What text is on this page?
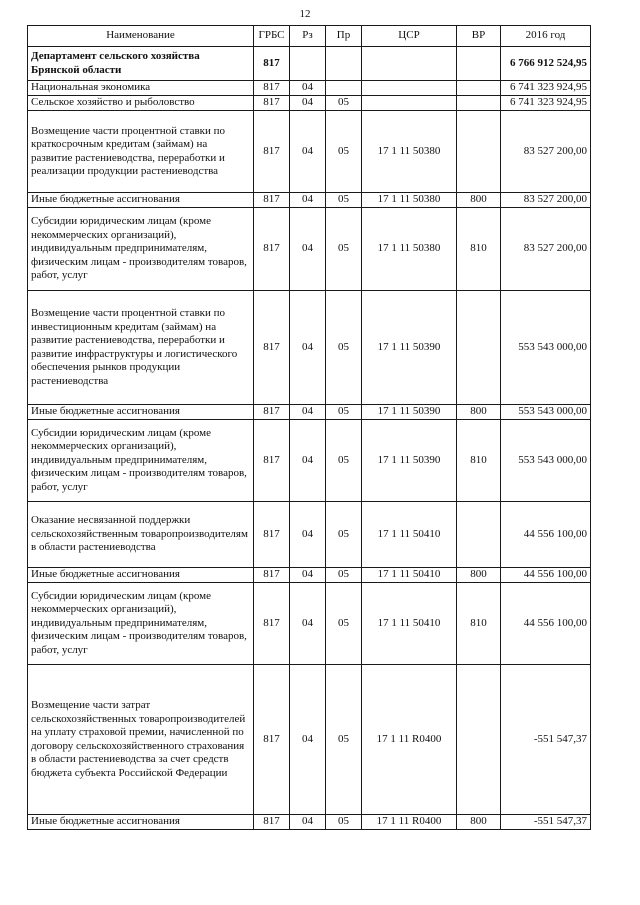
12
Наименование	ГРБС	Рз	Пр	ЦСР	ВР	2016 год
Департамент сельского хозяйства Брянской области	817					6 766 912 524,95
Национальная экономика	817	04				6 741 323 924,95
Сельское хозяйство и рыболовство	817	04	05			6 741 323 924,95
Возмещение части процентной ставки по краткосрочным кредитам (займам) на развитие растениеводства, переработки и реализации продукции растениеводства	817	04	05	17 1 11 50380		83 527 200,00
Иные бюджетные ассигнования	817	04	05	17 1 11 50380	800	83 527 200,00
Субсидии юридическим лицам (кроме некоммерческих организаций), индивидуальным предпринимателям, физическим лицам - производителям товаров, работ, услуг	817	04	05	17 1 11 50380	810	83 527 200,00
Возмещение части процентной ставки по инвестиционным кредитам (займам) на развитие растениеводства, переработки и развитие инфраструктуры и логистического обеспечения рынков продукции растениеводства	817	04	05	17 1 11 50390		553 543 000,00
Иные бюджетные ассигнования	817	04	05	17 1 11 50390	800	553 543 000,00
Субсидии юридическим лицам (кроме некоммерческих организаций), индивидуальным предпринимателям, физическим лицам - производителям товаров, работ, услуг	817	04	05	17 1 11 50390	810	553 543 000,00
Оказание несвязанной поддержки сельскохозяйственным товаропроизводителям в области растениеводства	817	04	05	17 1 11 50410		44 556 100,00
Иные бюджетные ассигнования	817	04	05	17 1 11 50410	800	44 556 100,00
Субсидии юридическим лицам (кроме некоммерческих организаций), индивидуальным предпринимателям, физическим лицам - производителям товаров, работ, услуг	817	04	05	17 1 11 50410	810	44 556 100,00
Возмещение части затрат сельскохозяйственных товаропроизводителей на уплату страховой премии, начисленной по договору сельскохозяйственного страхования в области растениеводства за счет средств бюджета субъекта Российской Федерации	817	04	05	17 1 11 R0400		-551 547,37
Иные бюджетные ассигнования	817	04	05	17 1 11 R0400	800	-551 547,37
